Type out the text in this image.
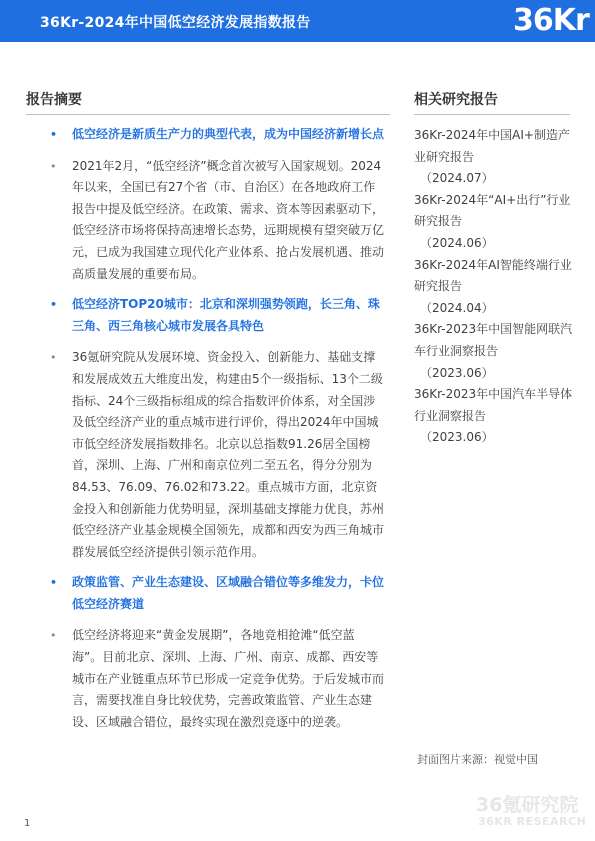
36Kr-2024年中国低空经济发展指数报告	36Kr
报告摘要
• 低空经济是新质生产力的典型代表，成为中国经济新增长点
• 2021年2月，“低空经济”概念首次被写入国家规划。2024年以来，全国已有27个省（市、自治区）在各地政府工作报告中提及低空经济。在政策、需求、资本等因素驱动下，低空经济市场将保持高速增长态势，远期规模有望突破万亿元，已成为我国建立现代化产业体系、抢占发展机遇、推动高质量发展的重要布局。
• 低空经济TOP20城市：北京和深圳强势领跑，长三角、珠三角、西三角核心城市发展各具特色
• 36氪研究院从发展环境、资金投入、创新能力、基础支撑和发展成效五大维度出发，构建由5个一级指标、13个二级指标、24个三级指标组成的综合指数评价体系，对全国涉及低空经济产业的重点城市进行评价，得出2024年中国城市低空经济发展指数排名。北京以总指数91.26居全国榜首，深圳、上海、广州和南京位列二至五名，得分分别为84.53、76.09、76.02和73.22。重点城市方面，北京资金投入和创新能力优势明显，深圳基础支撑能力优良，苏州低空经济产业基金规模全国领先，成都和西安为西三角城市群发展低空经济提供引领示范作用。
• 政策监管、产业生态建设、区域融合错位等多维发力，卡位低空经济赛道
• 低空经济将迎来“黄金发展期”，各地竞相抢滩“低空蓝海”。目前北京、深圳、上海、广州、南京、成都、西安等城市在产业链重点环节已形成一定竞争优势。于后发城市而言，需要找准自身比较优势，完善政策监管、产业生态建设、区域融合错位，最终实现在激烈竞逐中的逆袭。
相关研究报告
36Kr-2024年中国AI+制造产业研究报告
（2024.07）
36Kr-2024年“AI+出行”行业研究报告
（2024.06）
36Kr-2024年AI智能终端行业研究报告
（2024.04）
36Kr-2023年中国智能网联汽车行业洞察报告
（2023.06）
36Kr-2023年中国汽车半导体行业洞察报告
（2023.06）
封面图片来源：视觉中国
36氪研究院
36KR RESEARCH
1
